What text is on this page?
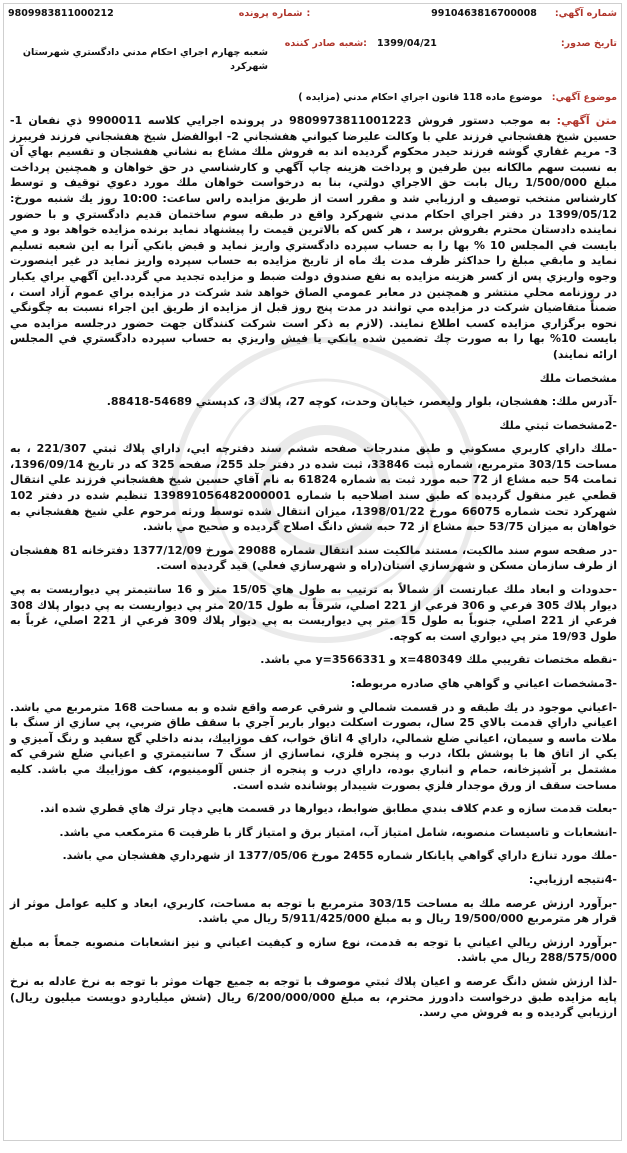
شماره آگهي
:
9910463816700008
:
شماره پرونده
9809983811000212
تاريخ صدور
:
1399/04/21
:
شعبه صادر كننده
شعبه چهارم اجراي احكام مدني دادگستري شهرستان شهركرد
موضوع آگهي: موضوع ماده 118 قانون اجراي احكام مدني (مزايده )

متن آگهي: به موجب دستور فروش 9809973811001223 در پرونده اجرايي كلاسه 9900011 ذي نفعان 1-حسين شيخ هفشجاني فرزند علي با وكالت عليرضا كيواني هفشجاني 2- ابوالفضل شيخ هفشجاني فرزند فريبرز 3- مريم غفاري گوشه فرزند حيدر محكوم گرديده اند به فروش ملك مشاع به نشاني هفشجان و تقسيم بهاي آن به نسبت سهم مالكانه بين طرفين و پرداخت هزينه چاپ آگهي و كارشناسي در حق خواهان و همچنين پرداخت مبلغ 1/500/000 ريال بابت حق الاجراي دولتي، بنا به درخواست خواهان ملك مورد دعوي توقيف و توسط كارشناس منتخب توصيف و ارزيابي شد و مقرر است از طريق مزايده راس ساعت: 10:00 روز يك شنبه مورخ: 1399/05/12 در دفتر اجراي احكام مدني شهركرد واقع در طبقه سوم ساختمان قديم دادگستري و با حضور نماينده دادستان محترم بفروش برسد ، هر كس كه بالاترين قيمت را پيشنهاد نمايد برنده مزايده خواهد بود و مي بايست في المجلس 10 % بها را به حساب سپرده دادگستري واريز نمايد و قبض بانكي آنرا به اين شعبه تسليم نمايد و مابقي مبلغ را حداكثر ظرف مدت يك ماه از تاريخ مزايده به حساب سپرده واريز نمايد در غير اينصورت وجوه واريزي پس از كسر هزينه مزايده به نفع صندوق دولت ضبط و مزايده تجديد مي گردد.اين آگهي براي يكبار در روزنامه محلي منتشر و همچنين در معابر عمومي الصاق خواهد شد شركت در مزايده براي عموم آزاد است ، ضمناً متقاضيان شركت در مزايده مي توانند در مدت پنج روز قبل از مزايده از طريق اين اجراء نسبت به چگونگي نحوه برگزاري مزايده كسب اطلاع نمايند. (لازم به ذكر است شركت كنندگان جهت حضور درجلسه مزايده مي بايست 10% بها را به صورت چك تضمين شده بانكي يا فيش واريزي به حساب سپرده دادگستري في المجلس ارائه نمايند)

مشخصات ملك

-آدرس ملك: هفشجان، بلوار وليعصر، خيابان وحدت، كوچه 27، پلاك 3، كدپستي 54689-88418.

-2مشخصات ثبتي ملك

-ملك داراي كاربري مسكوني و طبق مندرجات صفحه ششم سند دفترچه ايي، داراي پلاك ثبتي 221/307 ، به مساحت 303/15 مترمربع، شماره ثبت 33846، ثبت شده در دفتر جلد 255، صفحه 325 كه در تاريخ 1396/09/14، تمامت 54 حبه مشاع از 72 حبه مورد ثبت به شماره 61824 به نام آقاي حسين شيخ هفشجاني فرزند علي انتقال قطعي غير منقول گرديده كه طبق سند اصلاحيه با شماره 139891056482000001 تنظيم شده در دفتر 102 شهركرد تحت شماره 66075 مورخ 1398/01/22، ميزان انتقال شده توسط ورثه مرحوم علي شيخ هفشجاني به خواهان به ميزان 53/75 حبه مشاع از 72 حبه شش دانگ اصلاح گرديده و صحيح مي باشد.

-در صفحه سوم سند مالكيت، مستند مالكيت سند انتقال شماره 29088 مورخ 1377/12/09 دفترخانه 81 هفشجان از طرف سازمان مسكن و شهرسازي استان(راه و شهرسازي فعلي) قيد گرديده است.

-حدودات و ابعاد ملك عبارتست از شمالاً به ترتيب به طول هاي 15/05 متر و 16 سانتيمتر پي ديواريست به پي ديوار پلاك 305 فرعي و 306 فرعي از 221 اصلي، شرقاً به طول 20/15 متر پي ديواريست به پي ديوار پلاك 308 فرعي از 221 اصلي، جنوباً به طول 15 متر پي ديواريست به پي ديوار پلاك 309 فرعي از 221 اصلي، غرباً به طول 19/93 متر پي ديواري است به كوچه.

-نقطه مختصات تقريبي ملك 480349=x و 3566331=y مي باشد.

-3مشخصات اعياني و گواهي هاي صادره مربوطه:

-اعياني موجود در يك طبقه و در قسمت شمالي و شرقي عرصه واقع شده و به مساحت 168 مترمربع مي باشد. اعياني داراي قدمت بالاي 25 سال، بصورت اسكلت ديوار باربر آجري با سقف طاق ضربي، پي سازي از سنگ با ملات ماسه و سيمان، اعياني ضلع شمالي، داراي 4 اتاق خواب، كف موزاييك، بدنه داخلي گچ سفيد و رنگ آميزي و يكي از اتاق ها با پوشش بلكا، درب و پنجره فلزي، نماسازي از سنگ 7 سانتيمتري و اعياني ضلع شرقي كه مشتمل بر آشپزخانه، حمام و انباري بوده، داراي درب و پنجره از جنس آلومينيوم، كف موزاييك مي باشد. كليه مساحت سقف از ورق موجدار فلزي بصورت شيبدار پوشانده شده است.

-بعلت قدمت سازه و عدم كلاف بندي مطابق ضوابط، ديوارها در قسمت هايي دچار ترك هاي قطري شده اند.

-انشعابات و تاسيسات منصوبه، شامل امتياز آب، امتياز برق و امتياز گاز با ظرفيت 6 مترمكعب مي باشد.

-ملك مورد تنازع داراي گواهي پايانكار شماره 2455 مورخ 1377/05/06 از شهرداري هفشجان مي باشد.

-4نتيجه ارزيابي:

-برآورد ارزش عرصه ملك به مساحت 303/15 مترمربع با توجه به مساحت، كاربري، ابعاد و كليه عوامل موثر از قرار هر مترمربع 19/500/000 ريال و به مبلغ 5/911/425/000 ريال مي باشد.

-برآورد ارزش ريالي اعياني با توجه به قدمت، نوع سازه و كيفيت اعياني و نيز انشعابات منصوبه جمعاً به مبلغ 288/575/000 ريال مي باشد.

-لذا ارزش شش دانگ عرصه و اعيان پلاك ثبتي موصوف با توجه به جميع جهات موثر با توجه به نرخ عادله به نرخ پايه مزايده طبق درخواست دادورز محترم، به مبلغ 6/200/000/000 ريال (شش ميلياردو دويست ميليون ريال) ارزيابي گرديده و به فروش مي رسد.
